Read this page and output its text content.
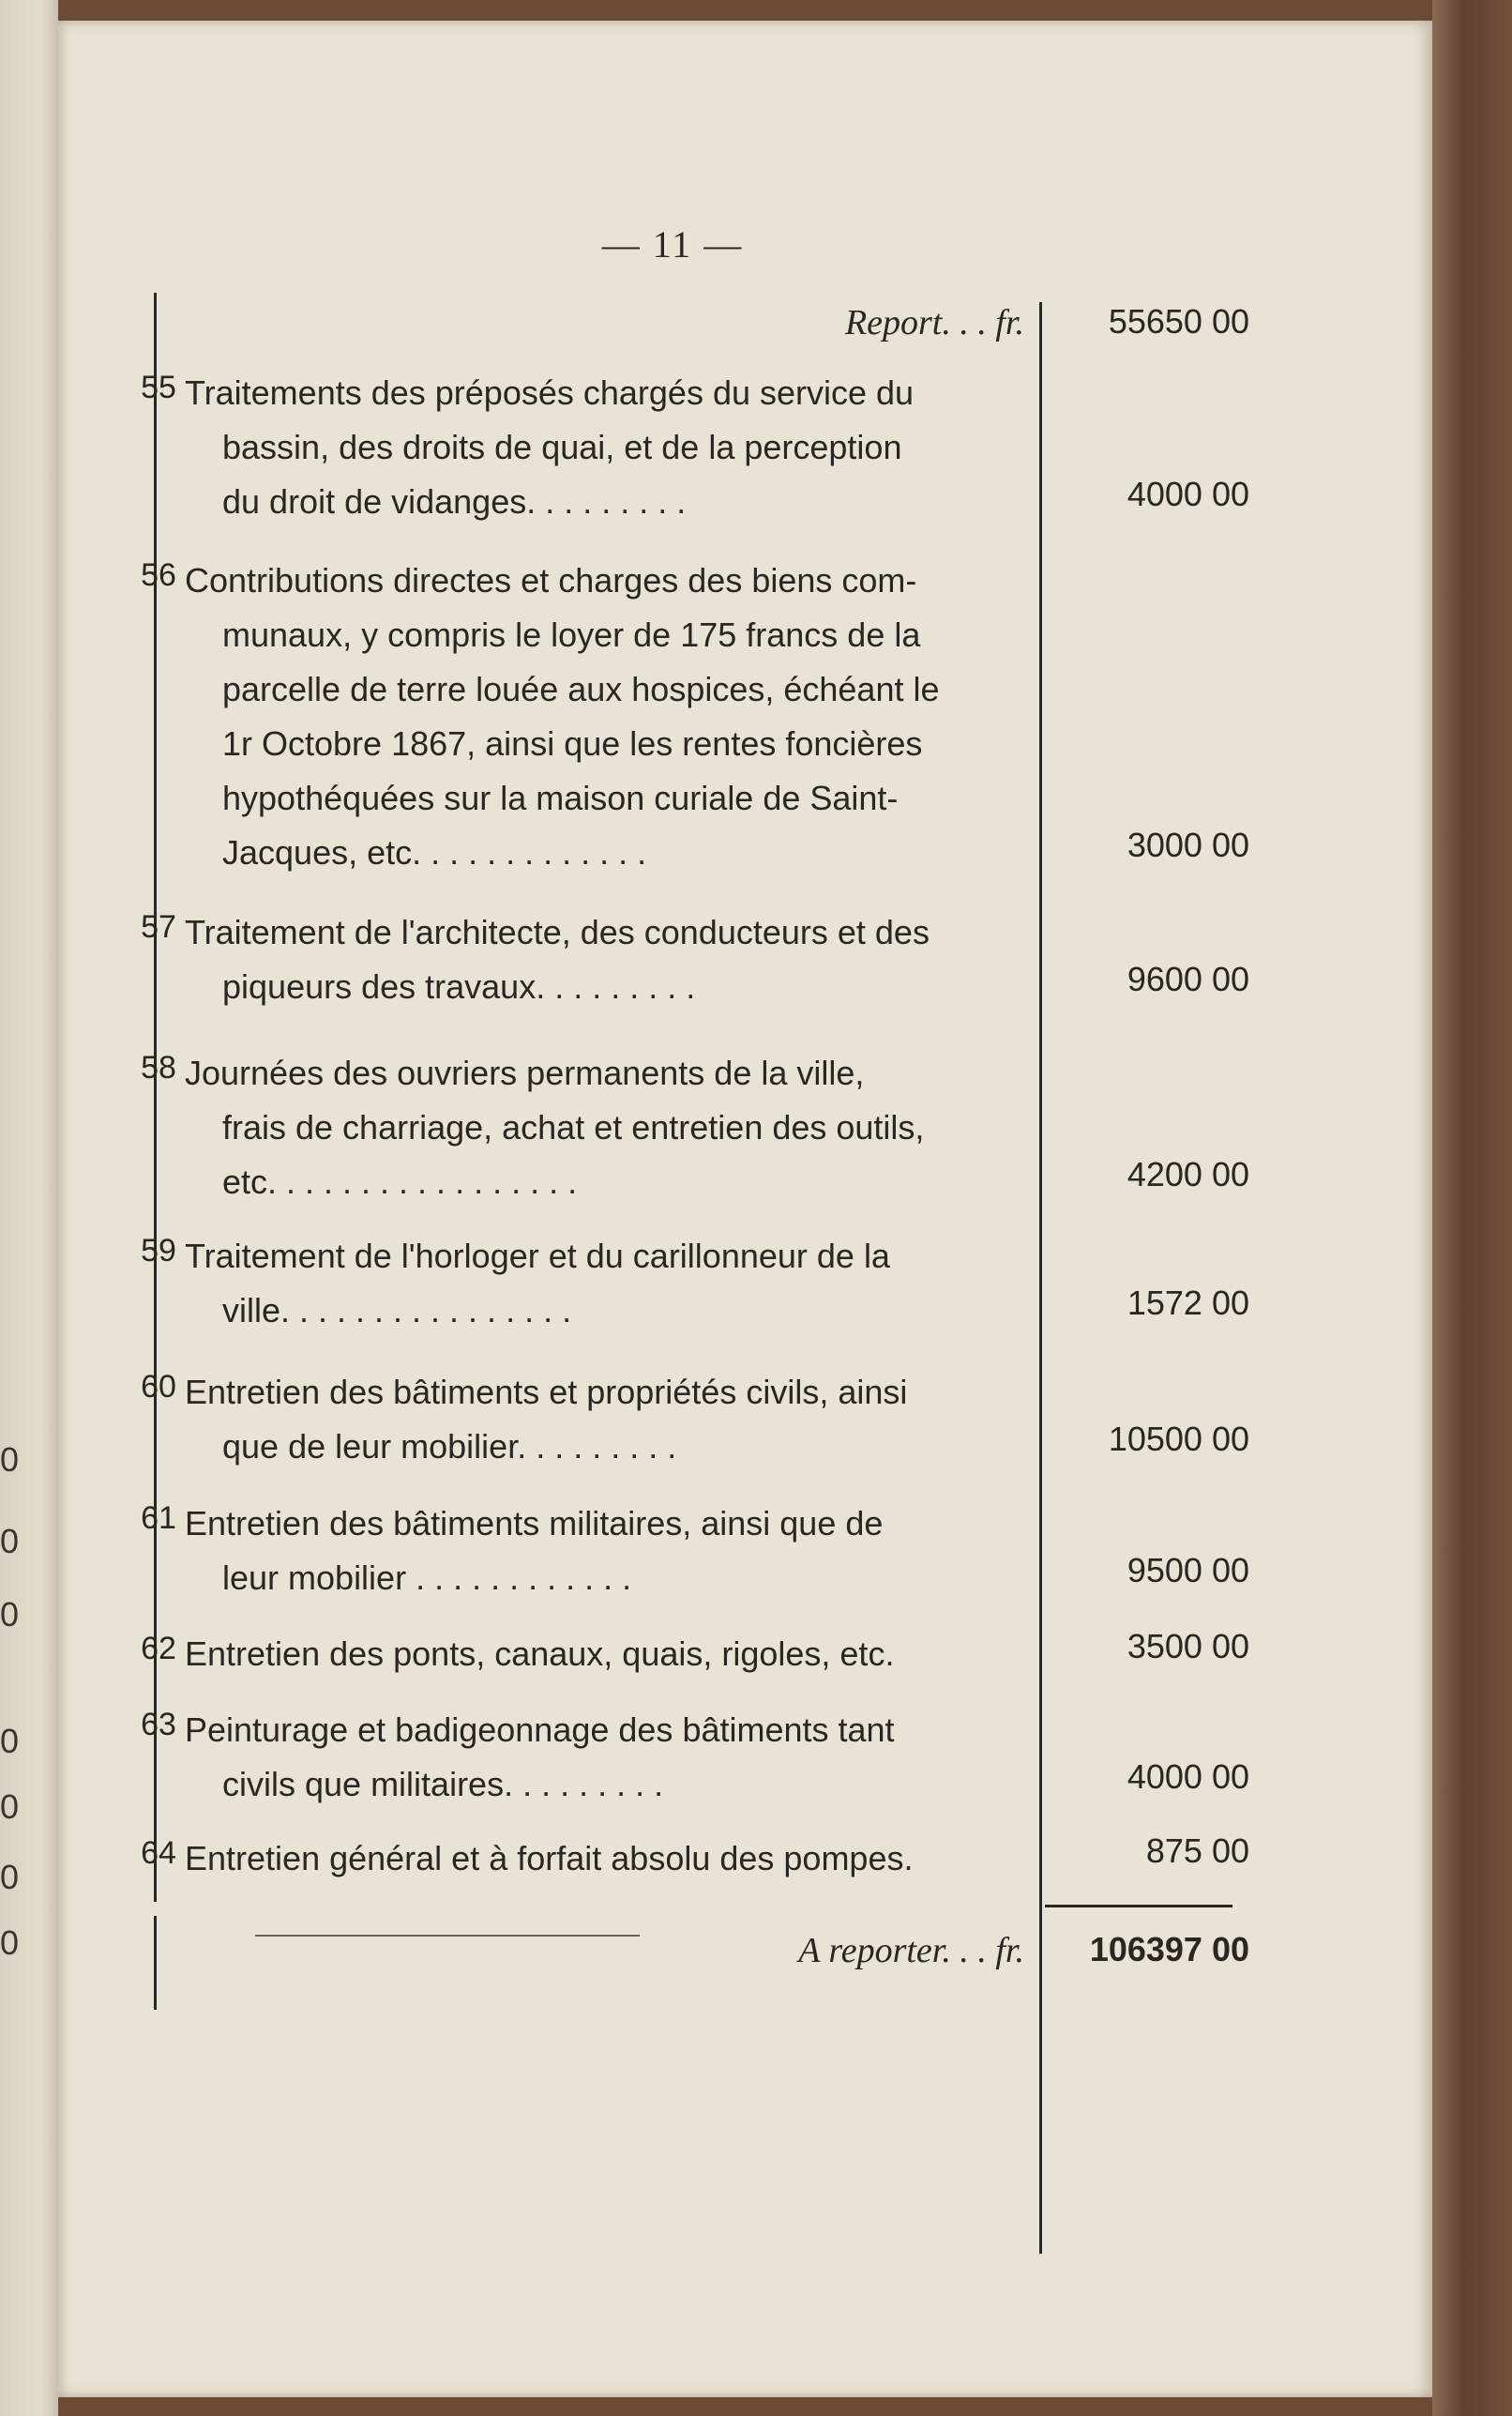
0
0
0
0
0
0
0
— 11 —
Report. . . fr.	55650 00
55 Traitements des préposés chargés du service du
bassin, des droits de quai, et de la perception
du droit de vidanges. . . . . . . . .	4000 00
56 Contributions directes et charges des biens com-
munaux, y compris le loyer de 175 francs de la
parcelle de terre louée aux hospices, échéant le
1r Octobre 1867, ainsi que les rentes foncières
hypothéquées sur la maison curiale de Saint-
Jacques, etc. . . . . . . . . . . . .	3000 00
57 Traitement de l'architecte, des conducteurs et des
piqueurs des travaux. . . . . . . . .	9600 00
58 Journées des ouvriers permanents de la ville,
frais de charriage, achat et entretien des outils,
etc. . . . . . . . . . . . . . . . .	4200 00
59 Traitement de l'horloger et du carillonneur de la
ville. . . . . . . . . . . . . . . .	1572 00
60 Entretien des bâtiments et propriétés civils, ainsi
que de leur mobilier. . . . . . . . .	10500 00
61 Entretien des bâtiments militaires, ainsi que de
leur mobilier . . . . . . . . . . . .	9500 00
62 Entretien des ponts, canaux, quais, rigoles, etc.	3500 00
63 Peinturage et badigeonnage des bâtiments tant
civils que militaires. . . . . . . . .	4000 00
64 Entretien général et à forfait absolu des pompes.	875 00
A reporter. . . fr.	106397 00
